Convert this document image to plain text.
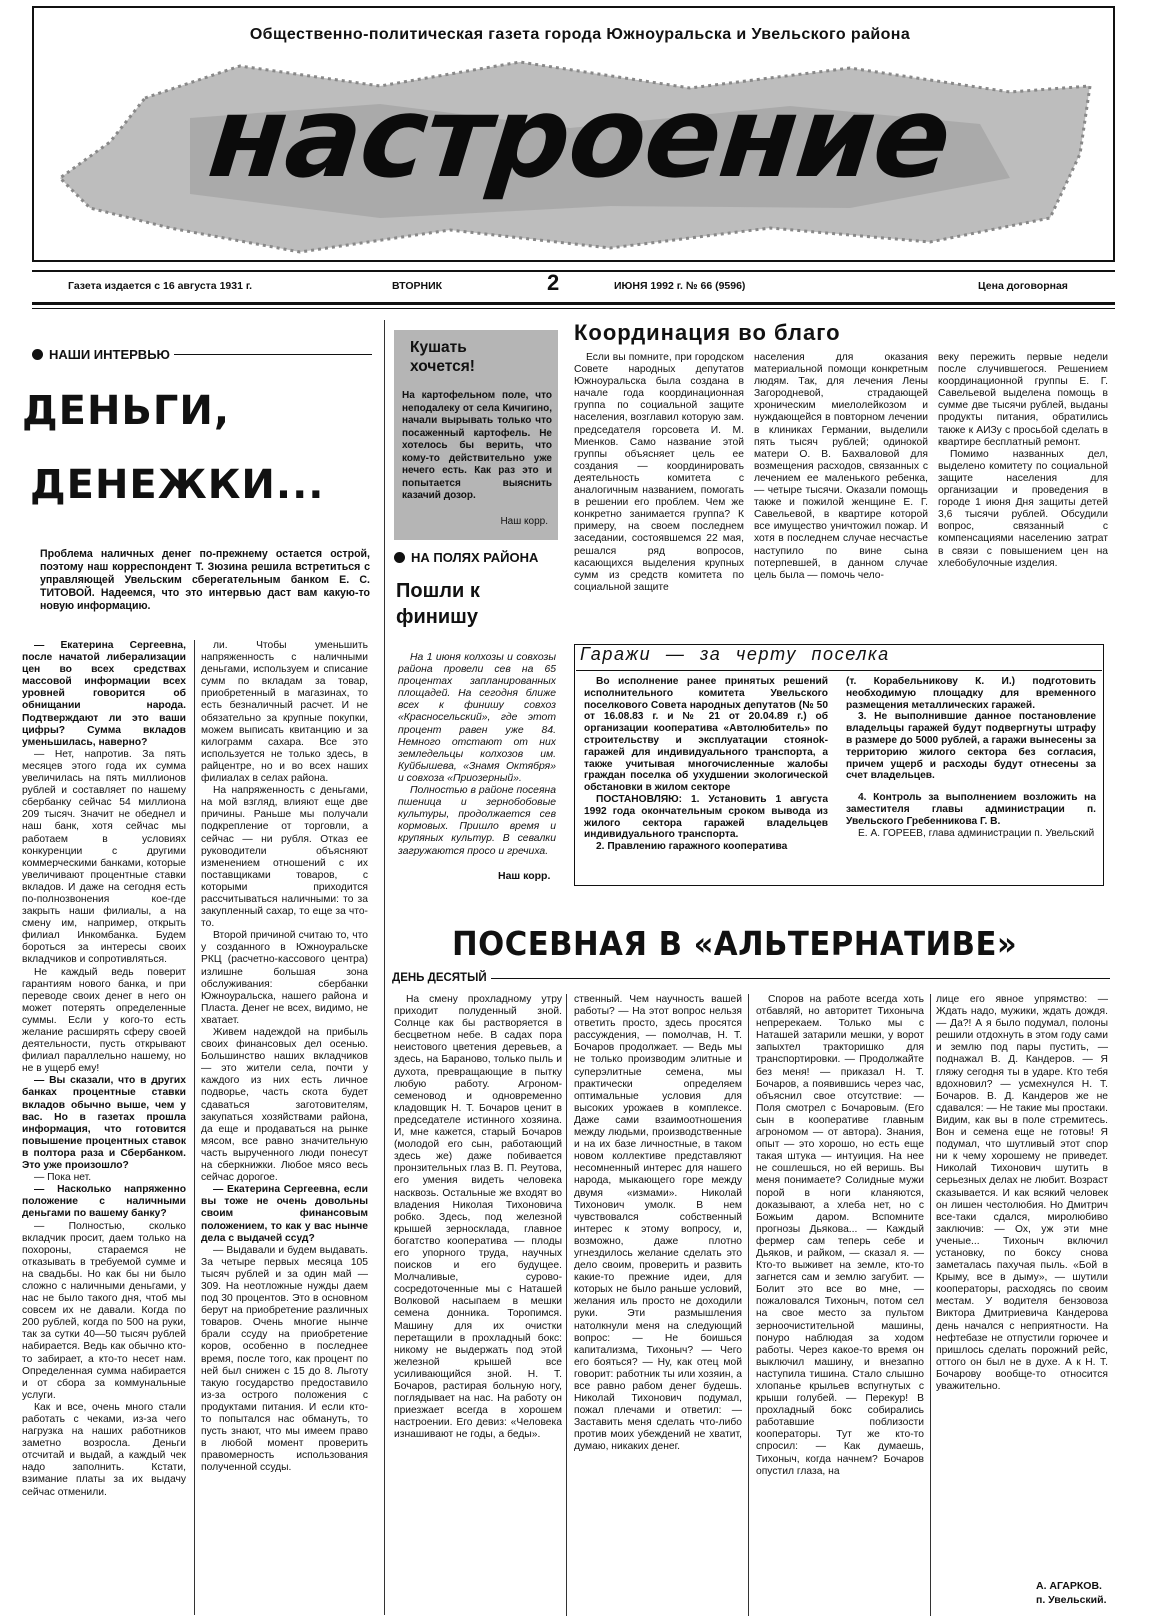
Общественно-политическая газета города Южноуральска и Увельского района
настроение
Газета издается с 16 августа 1931 г.	ВТОРНИК	2	ИЮНЯ 1992 г. № 66 (9596)	Цена договорная
НАШИ ИНТЕРВЬЮ
ДЕНЬГИ,
ДЕНЕЖКИ...
Проблема наличных денег по-прежнему остается острой, поэтому наш корреспондент Т. Зюзина решила встретиться с управляющей Увельским сберегательным банком Е. С. ТИТОВОЙ. Надеемся, что это интервью даст вам какую-то новую информацию.

— Екатерина Сергеевна, после начатой либерализации цен во всех средствах массовой информации всех уровней говорится об обнищании народа. Подтверждают ли это ваши цифры? Сумма вкладов уменьшилась, наверно?

— Нет, напротив. За пять месяцев этого года их сумма увеличилась на пять миллионов рублей и составляет по нашему сбербанку сейчас 54 миллиона 209 тысяч. Значит не обеднел и наш банк, хотя сейчас мы работаем в условиях конкуренции с другими коммерческими банками, которые увеличивают процентные ставки вкладов. И даже на сегодня есть по-полнозвонения кое-где закрыть наши филиалы, а на смену им, например, открыть филиал Инкомбанка. Будем бороться за интересы своих вкладчиков и сопротивляться.

Не каждый ведь поверит гарантиям нового банка, и при переводе своих денег в него он может потерять определенные суммы. Если у кого-то есть желание расширять сферу своей деятельности, пусть открывают филиал параллельно нашему, но не в ущерб ему!

— Вы сказали, что в других банках процентные ставки вкладов обычно выше, чем у вас. Но в газетах прошла информация, что готовится повышение процентных ставок в полтора раза и Сбербанком. Это уже произошло?

— Пока нет.

— Насколько напряженно положение с наличными деньгами по вашему банку?

— Полностью, сколько вкладчик просит, даем только на похороны, стараемся не отказывать в требуемой сумме и на свадьбы. Но как бы ни было сложно с наличными деньгами, у нас не было такого дня, чтоб мы совсем их не давали. Когда по 200 рублей, когда по 500 на руки, так за сутки 40—50 тысяч рублей набирается. Ведь как обычно кто-то забирает, а кто-то несет нам. Определенная сумма набирается и от сбора за коммунальные услуги.

Как и все, очень много стали работать с чеками, из-за чего нагрузка на наших работников заметно возросла. Деньги отсчитай и выдай, а каждый чек надо заполнить. Кстати, взимание платы за их выдачу сейчас отменили.

ли. Чтобы уменьшить напряженность с наличными деньгами, используем и списание сумм по вкладам за товар, приобретенный в магазинах, то есть безналичный расчет. И не обязательно за крупные покупки, можем выписать квитанцию и за килограмм сахара. Все это используется не только здесь, в райцентре, но и во всех наших филиалах в селах района.

На напряженность с деньгами, на мой взгляд, влияют еще две причины. Раньше мы получали подкрепление от торговли, а сейчас — ни рубля. Отказ ее руководители объясняют изменением отношений с их поставщиками товаров, с которыми приходится рассчитываться наличными: то за закупленный сахар, то еще за что-то.

Второй причиной считаю то, что у созданного в Южноуральске РКЦ (расчетно-кассового центра) излишне большая зона обслуживания: сбербанки Южноуральска, нашего района и Пласта. Денег не всех, видимо, не хватает.

Живем надеждой на прибыль своих финансовых дел осенью. Большинство наших вкладчиков — это жители села, почти у каждого из них есть личное подворье, часть скота будет сдаваться заготовителям, закупаться хозяйствами района, да еще и продаваться на рынке мясом, все равно значительную часть вырученного люди понесут на сберкнижки. Любое мясо весь сейчас дорогое.

— Екатерина Сергеевна, если вы тоже не очень довольны своим финансовым положением, то как у вас нынче дела с выдачей ссуд?

— Выдавали и будем выдавать. За четыре первых месяца 105 тысяч рублей и за один май — 309. На неотложные нужды даем под 30 процентов. Это в основном берут на приобретение различных товаров. Очень многие нынче брали ссуду на приобретение коров, особенно в последнее время, после того, как процент по ней был снижен с 15 до 8. Льготу такую государство предоставило из-за острого положения с продуктами питания. И если кто-то попытался нас обмануть, то пусть знают, что мы имеем право в любой момент проверить правомерность использования полученной ссуды.

Кушать хочется!
На картофельном поле, что неподалеку от села Кичигино, начали вырывать только что посаженный картофель. Не хотелось бы верить, что кому-то действительно уже нечего есть. Как раз это и попытается выяснить казачий дозор.
Наш корр.
НА ПОЛЯХ РАЙОНА
Пошли к финишу

На 1 июня колхозы и совхозы района провели сев на 65 процентах запланированных площадей. На сегодня ближе всех к финишу совхоз «Красносельский», где этот процент равен уже 84. Немного отстают от них земледельцы колхозов им. Куйбышева, «Знамя Октября» и совхоза «Приозерный».

Полностью в районе посеяна пшеница и зернобобовые культуры, продолжается сев кормовых. Пришло время и крупяных культур. В севалки загружаются просо и гречиха.

Наш корр.
Координация во благо

Если вы помните, при городском Совете народных депутатов Южноуральска была создана в начале года координационная группа по социальной защите населения, возглавил которую зам. председателя горсовета И. М. Миенков. Само название этой группы объясняет цель ее создания — координировать деятельность комитета с аналогичным названием, помогать в решении его проблем. Чем же конкретно занимается группа? К примеру, на своем последнем заседании, состоявшемся 22 мая, решался ряд вопросов, касающихся выделения крупных сумм из средств комитета по социальной защите

населения для оказания материальной помощи конкретным людям. Так, для лечения Лены Загородневой, страдающей хроническим миелолейкозом и нуждающейся в повторном лечении в клиниках Германии, выделили пять тысяч рублей; одинокой матери О. В. Бахваловой для возмещения расходов, связанных с лечением ее маленького ребенка, — четыре тысячи. Оказали помощь также и пожилой женщине Е. Г. Савельевой, в квартире которой все имущество уничтожил пожар. И хотя в последнем случае несчастье наступило по вине сына потерпевшей, в данном случае цель была — помочь чело-

веку пережить первые недели после случившегося. Решением координационной группы Е. Г. Савельевой выделена помощь в сумме две тысячи рублей, выданы продукты питания, обратились также к АИЗу с просьбой сделать в квартире бесплатный ремонт.

Помимо названных дел, выделено комитету по социальной защите населения для организации и проведения в городе 1 июня Дня защиты детей 3,6 тысячи рублей. Обсудили вопрос, связанный с компенсациями населению затрат в связи с повышением цен на хлебобулочные изделия.

Гаражи — за черту поселка

Во исполнение ранее принятых решений исполнительного комитета Увельского поселкового Совета народных депутатов (№ 50 от 16.08.83 г. и № 21 от 20.04.89 г.) об организации кооператива «Автолюбитель» по строительству и эксплуатации стояноk-гаражей для индивидуального транспорта, а также учитывая многочисленные жалобы граждан поселка об ухудшении экологической обстановки в жилом секторе

ПОСТАНОВЛЯЮ: 1. Установить 1 августа 1992 года окончательным сроком вывода из жилого сектора гаражей владельцев индивидуального транспорта.

2. Правлению гаражного кооператива

(т. Корабельникову К. И.) подготовить необходимую площадку для временного размещения металлических гаражей.

3. Не выполнившие данное постановление владельцы гаражей будут подвергнуты штрафу в размере до 5000 рублей, а гаражи вынесены за территорию жилого сектора без согласия, причем ущерб и расходы будут отнесены за счет владельцев.

4. Контроль за выполнением возложить на заместителя главы администрации п. Увельского Гребенникова Г. В.

Е. А. ГОРЕЕВ, глава администрации п. Увельский

ПОСЕВНАЯ В «АЛЬТЕРНАТИВЕ»
ДЕНЬ ДЕСЯТЫЙ

На смену прохладному утру приходит полуденный зной. Солнце как бы растворяется в бесцветном небе. В садах пора неистового цветения деревьев, а здесь, на Бараново, только пыль и духота, превращающие в пытку любую работу. Агроном-семеновод и одновременно кладовщик Н. Т. Бочаров ценит в председателе истинного хозяина. И, мне кажется, старый Бочаров (молодой его сын, работающий здесь же) даже побивается пронзительных глаз В. П. Реутова, его умения видеть человека насквозь. Остальные же входят во владения Николая Тихоновича робко. Здесь, под железной крышей зерносклада, главное богатство кооператива — плоды его упорного труда, научных поисков и его будущее. Молчаливые, сурово-сосредоточенные мы с Наташей Волковой насыпаем в мешки семена донника. Торопимся. Машину для их очистки перетащили в прохладный бокс: никому не выдержать под этой железной крышей все усиливающийся зной. Н. Т. Бочаров, растирая больную ногу, поглядывает на нас. На работу он приезжает всегда в хорошем настроении. Его девиз: «Человека изнашивают не годы, а беды».

ственный. Чем научность вашей работы? — На этот вопрос нельзя ответить просто, здесь просятся рассуждения, — помолчав, Н. Т. Бочаров продолжает. — Ведь мы не только производим элитные и суперэлитные семена, мы практически определяем оптимальные условия для высоких урожаев в комплексе. Даже сами взаимоотношения между людьми, производственные и на их базе личностные, в таком новом коллективе представляют несомненный интерес для нашего народа, мыкающего горе между двумя «измами». Николай Тихонович умолк. В нем чувствовался собственный интерес к этому вопросу, и, возможно, даже плотно угнездилось желание сделать это дело своим, проверить и развить какие-то прежние идеи, для которых не было раньше условий, желания иль просто не доходили руки. Эти размышления натолкнули меня на следующий вопрос: — Не боишься капитализма, Тихоныч? — Чего его бояться? — Ну, как отец мой говорит: работник ты или хозяин, а все равно рабом денег будешь. Николай Тихонович подумал, пожал плечами и ответил: — Заставить меня сделать что-либо против моих убеждений не хватит, думаю, никаких денег.

Споров на работе всегда хоть отбавляй, но авторитет Тихоныча непререкаем. Только мы с Наташей затарили мешки, у ворот запыхтел тракторишко для транспортировки. — Продолжайте без меня! — приказал Н. Т. Бочаров, а появившись через час, объяснил свое отсутствие: — Поля смотрел с Бочаровым. (Его сын в кооперативе главным агрономом — от автора). Знания, опыт — это хорошо, но есть еще такая штука — интуиция. На нее не сошлешься, но ей веришь. Вы меня понимаете? Солидные мужи порой в ноги кланяются, доказывают, а хлеба нет, но с Божьим даром. Вспомните прогнозы Дьякова... — Каждый фермер сам теперь себе и Дьяков, и райком, — сказал я. — Кто-то выживет на земле, кто-то загнется сам и землю загубит. — Болит это все во мне, — пожаловался Тихоныч, потом сел на свое место за пультом зерноочистительной машины, понуро наблюдая за ходом работы. Через какое-то время он выключил машину, и внезапно наступила тишина. Стало слышно хлопанье крыльев вспугнутых с крыши голубей. — Перекур! В прохладный бокс собирались работавшие поблизости кооператоры. Тут же кто-то спросил: — Как думаешь, Тихоныч, когда начнем? Бочаров опустил глаза, на

лице его явное упрямство: — Ждать надо, мужики, ждать дождя. — Да?! А я было подумал, полоны решили отдохнуть в этом году сами и землю под пары пустить, — поднажал В. Д. Кандеров. — Я гляжу сегодня ты в ударе. Кто тебя вдохновил? — усмехнулся Н. Т. Бочаров. В. Д. Кандеров же не сдавался: — Не такие мы простаки. Видим, как вы в поле стремитесь. Вон и семена еще не готовы! Я подумал, что шутливый этот спор ни к чему хорошему не приведет. Николай Тихонович шутить в серьезных делах не любит. Возраст сказывается. И как всякий человек он лишен честолюбия. Но Дмитрич все-таки сдался, миролюбиво заключив: — Ох, уж эти мне ученые... Тихоныч включил установку, по боксу снова заметалась пахучая пыль. «Бой в Крыму, все в дыму», — шутили кооператоры, расходясь по своим местам. У водителя бензовоза Виктора Дмитриевича Кандерова день начался с неприятности. На нефтебазе не отпустили горючее и пришлось сделать порожний рейс, оттого он был не в духе. А к Н. Т. Бочарову вообще-то относится уважительно.

А. АГАРКОВ.
п. Увельский.
